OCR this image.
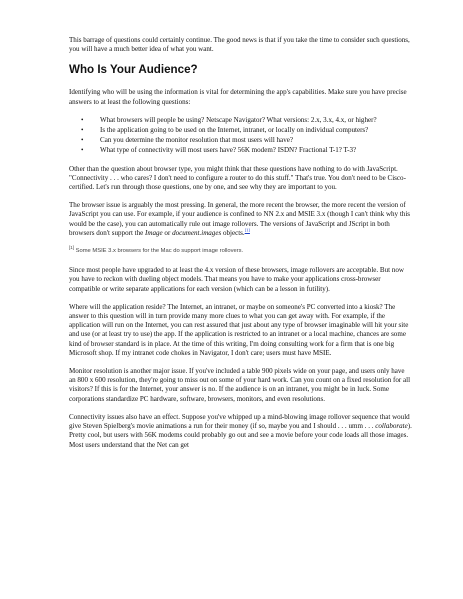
This barrage of questions could certainly continue. The good news is that if you take the time to consider such questions, you will have a much better idea of what you want.

Who Is Your Audience?

Identifying who will be using the information is vital for determining the app's capabilities. Make sure you have precise answers to at least the following questions:

• What browsers will people be using? Netscape Navigator? What versions: 2.x, 3.x, 4.x, or higher?
• Is the application going to be used on the Internet, intranet, or locally on individual computers?
• Can you determine the monitor resolution that most users will have?
• What type of connectivity will most users have? 56K modem? ISDN? Fractional T-1? T-3?

Other than the question about browser type, you might think that these questions have nothing to do with JavaScript. "Connectivity . . . who cares? I don't need to configure a router to do this stuff." That's true. You don't need to be Cisco-certified. Let's run through those questions, one by one, and see why they are important to you.

The browser issue is arguably the most pressing. In general, the more recent the browser, the more recent the version of JavaScript you can use. For example, if your audience is confined to NN 2.x and MSIE 3.x (though I can't think why this would be the case), you can automatically rule out image rollovers. The versions of JavaScript and JScript in both browsers don't support the Image or document.images objects.[1]

[1] Some MSIE 3.x browsers for the Mac do support image rollovers.

Since most people have upgraded to at least the 4.x version of these browsers, image rollovers are acceptable. But now you have to reckon with dueling object models. That means you have to make your applications cross-browser compatible or write separate applications for each version (which can be a lesson in futility).

Where will the application reside? The Internet, an intranet, or maybe on someone's PC converted into a kiosk? The answer to this question will in turn provide many more clues to what you can get away with. For example, if the application will run on the Internet, you can rest assured that just about any type of browser imaginable will hit your site and use (or at least try to use) the app. If the application is restricted to an intranet or a local machine, chances are some kind of browser standard is in place. At the time of this writing, I'm doing consulting work for a firm that is one big Microsoft shop. If my intranet code chokes in Navigator, I don't care; users must have MSIE.

Monitor resolution is another major issue. If you've included a table 900 pixels wide on your page, and users only have an 800 x 600 resolution, they're going to miss out on some of your hard work. Can you count on a fixed resolution for all visitors? If this is for the Internet, your answer is no. If the audience is on an intranet, you might be in luck. Some corporations standardize PC hardware, software, browsers, monitors, and even resolutions.

Connectivity issues also have an effect. Suppose you've whipped up a mind-blowing image rollover sequence that would give Steven Spielberg's movie animations a run for their money (if so, maybe you and I should . . . umm . . . collaborate). Pretty cool, but users with 56K modems could probably go out and see a movie before your code loads all those images. Most users understand that the Net can get
